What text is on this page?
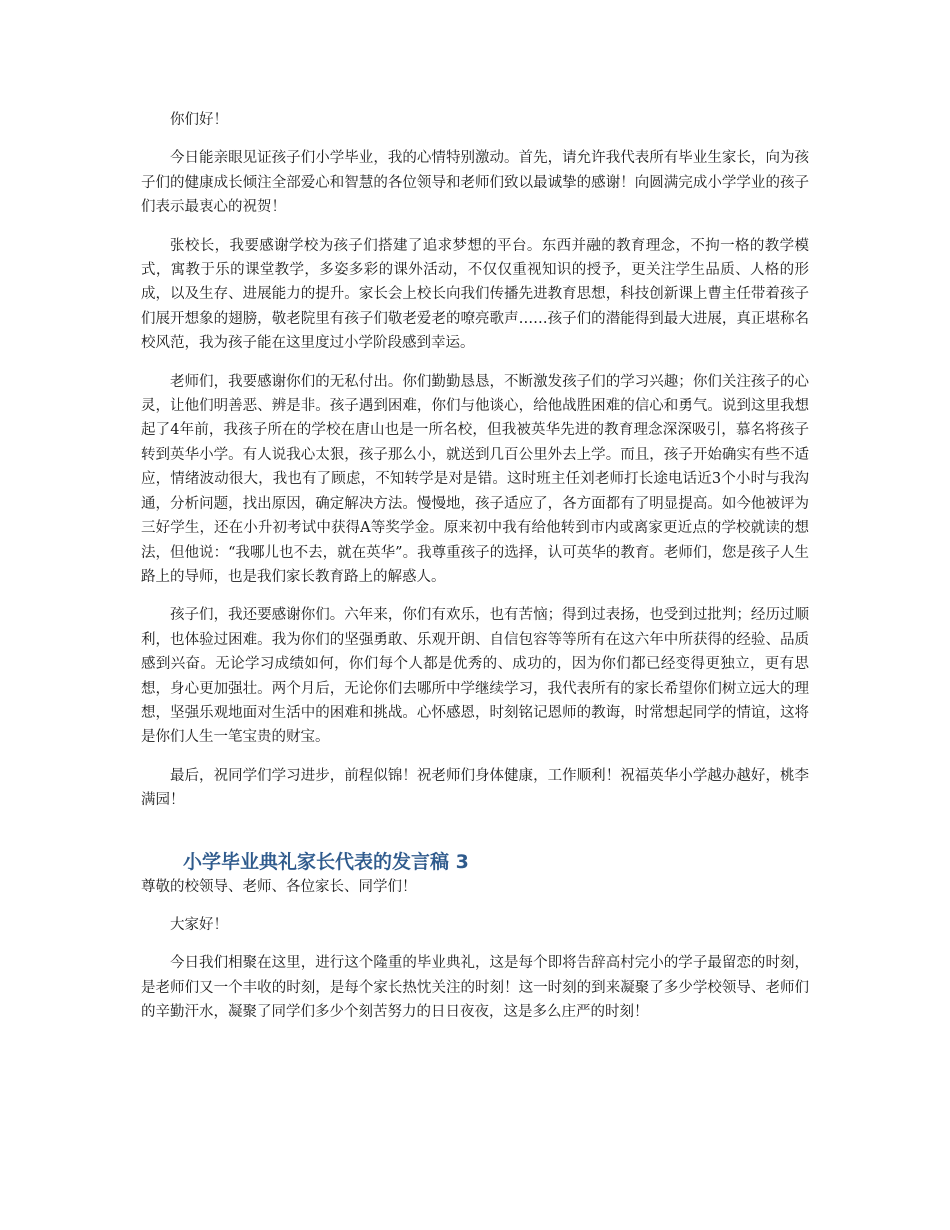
你们好！

今日能亲眼见证孩子们小学毕业，我的心情特别激动。首先，请允许我代表所有毕业生家长，向为孩子们的健康成长倾注全部爱心和智慧的各位领导和老师们致以最诚挚的感谢！向圆满完成小学学业的孩子们表示最衷心的祝贺！

张校长，我要感谢学校为孩子们搭建了追求梦想的平台。东西并融的教育理念，不拘一格的教学模式，寓教于乐的课堂教学，多姿多彩的课外活动，不仅仅重视知识的授予，更关注学生品质、人格的形成，以及生存、进展能力的提升。家长会上校长向我们传播先进教育思想，科技创新课上曹主任带着孩子们展开想象的翅膀，敬老院里有孩子们敬老爱老的嘹亮歌声……孩子们的潜能得到最大进展，真正堪称名校风范，我为孩子能在这里度过小学阶段感到幸运。

老师们，我要感谢你们的无私付出。你们勤勤恳恳，不断激发孩子们的学习兴趣；你们关注孩子的心灵，让他们明善恶、辨是非。孩子遇到困难，你们与他谈心，给他战胜困难的信心和勇气。说到这里我想起了4年前，我孩子所在的学校在唐山也是一所名校，但我被英华先进的教育理念深深吸引，慕名将孩子转到英华小学。有人说我心太狠，孩子那么小，就送到几百公里外去上学。而且，孩子开始确实有些不适应，情绪波动很大，我也有了顾虑，不知转学是对是错。这时班主任刘老师打长途电话近3个小时与我沟通，分析问题，找出原因，确定解决方法。慢慢地，孩子适应了，各方面都有了明显提高。如今他被评为三好学生，还在小升初考试中获得A等奖学金。原来初中我有给他转到市内或离家更近点的学校就读的想法，但他说：“我哪儿也不去，就在英华”。我尊重孩子的选择，认可英华的教育。老师们，您是孩子人生路上的导师，也是我们家长教育路上的解惑人。

孩子们，我还要感谢你们。六年来，你们有欢乐，也有苦恼；得到过表扬，也受到过批判；经历过顺利，也体验过困难。我为你们的坚强勇敢、乐观开朗、自信包容等等所有在这六年中所获得的经验、品质感到兴奋。无论学习成绩如何，你们每个人都是优秀的、成功的，因为你们都已经变得更独立，更有思想，身心更加强壮。两个月后，无论你们去哪所中学继续学习，我代表所有的家长希望你们树立远大的理想，坚强乐观地面对生活中的困难和挑战。心怀感恩，时刻铭记恩师的教诲，时常想起同学的情谊，这将是你们人生一笔宝贵的财宝。

最后，祝同学们学习进步，前程似锦！祝老师们身体健康，工作顺利！祝福英华小学越办越好，桃李满园！

小学毕业典礼家长代表的发言稿 3

尊敬的校领导、老师、各位家长、同学们！

大家好！

今日我们相聚在这里，进行这个隆重的毕业典礼，这是每个即将告辞高村完小的学子最留恋的时刻，是老师们又一个丰收的时刻，是每个家长热忱关注的时刻！这一时刻的到来凝聚了多少学校领导、老师们的辛勤汗水，凝聚了同学们多少个刻苦努力的日日夜夜，这是多么庄严的时刻！
